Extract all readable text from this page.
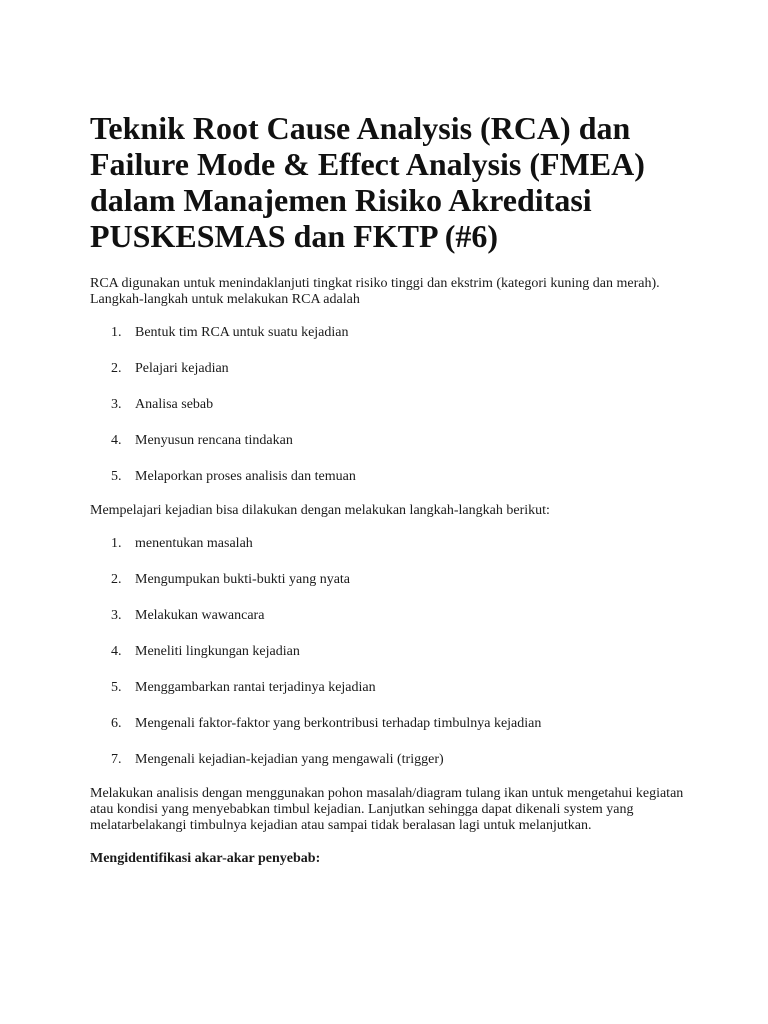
Teknik Root Cause Analysis (RCA) dan Failure Mode & Effect Analysis (FMEA) dalam Manajemen Risiko Akreditasi PUSKESMAS dan FKTP (#6)

RCA digunakan untuk menindaklanjuti tingkat risiko tinggi dan ekstrim (kategori kuning dan merah). Langkah-langkah untuk melakukan RCA adalah

1. Bentuk tim RCA untuk suatu kejadian
2. Pelajari kejadian
3. Analisa sebab
4. Menyusun rencana tindakan
5. Melaporkan proses analisis dan temuan

Mempelajari kejadian bisa dilakukan dengan melakukan langkah-langkah berikut:

1. menentukan masalah
2. Mengumpukan bukti-bukti yang nyata
3. Melakukan wawancara
4. Meneliti lingkungan kejadian
5. Menggambarkan rantai terjadinya kejadian
6. Mengenali faktor-faktor yang berkontribusi terhadap timbulnya kejadian
7. Mengenali kejadian-kejadian yang mengawali (trigger)

Melakukan analisis dengan menggunakan pohon masalah/diagram tulang ikan untuk mengetahui kegiatan atau kondisi yang menyebabkan timbul kejadian. Lanjutkan sehingga dapat dikenali system yang melatarbelakangi timbulnya kejadian atau sampai tidak beralasan lagi untuk melanjutkan.

Mengidentifikasi akar-akar penyebab:
